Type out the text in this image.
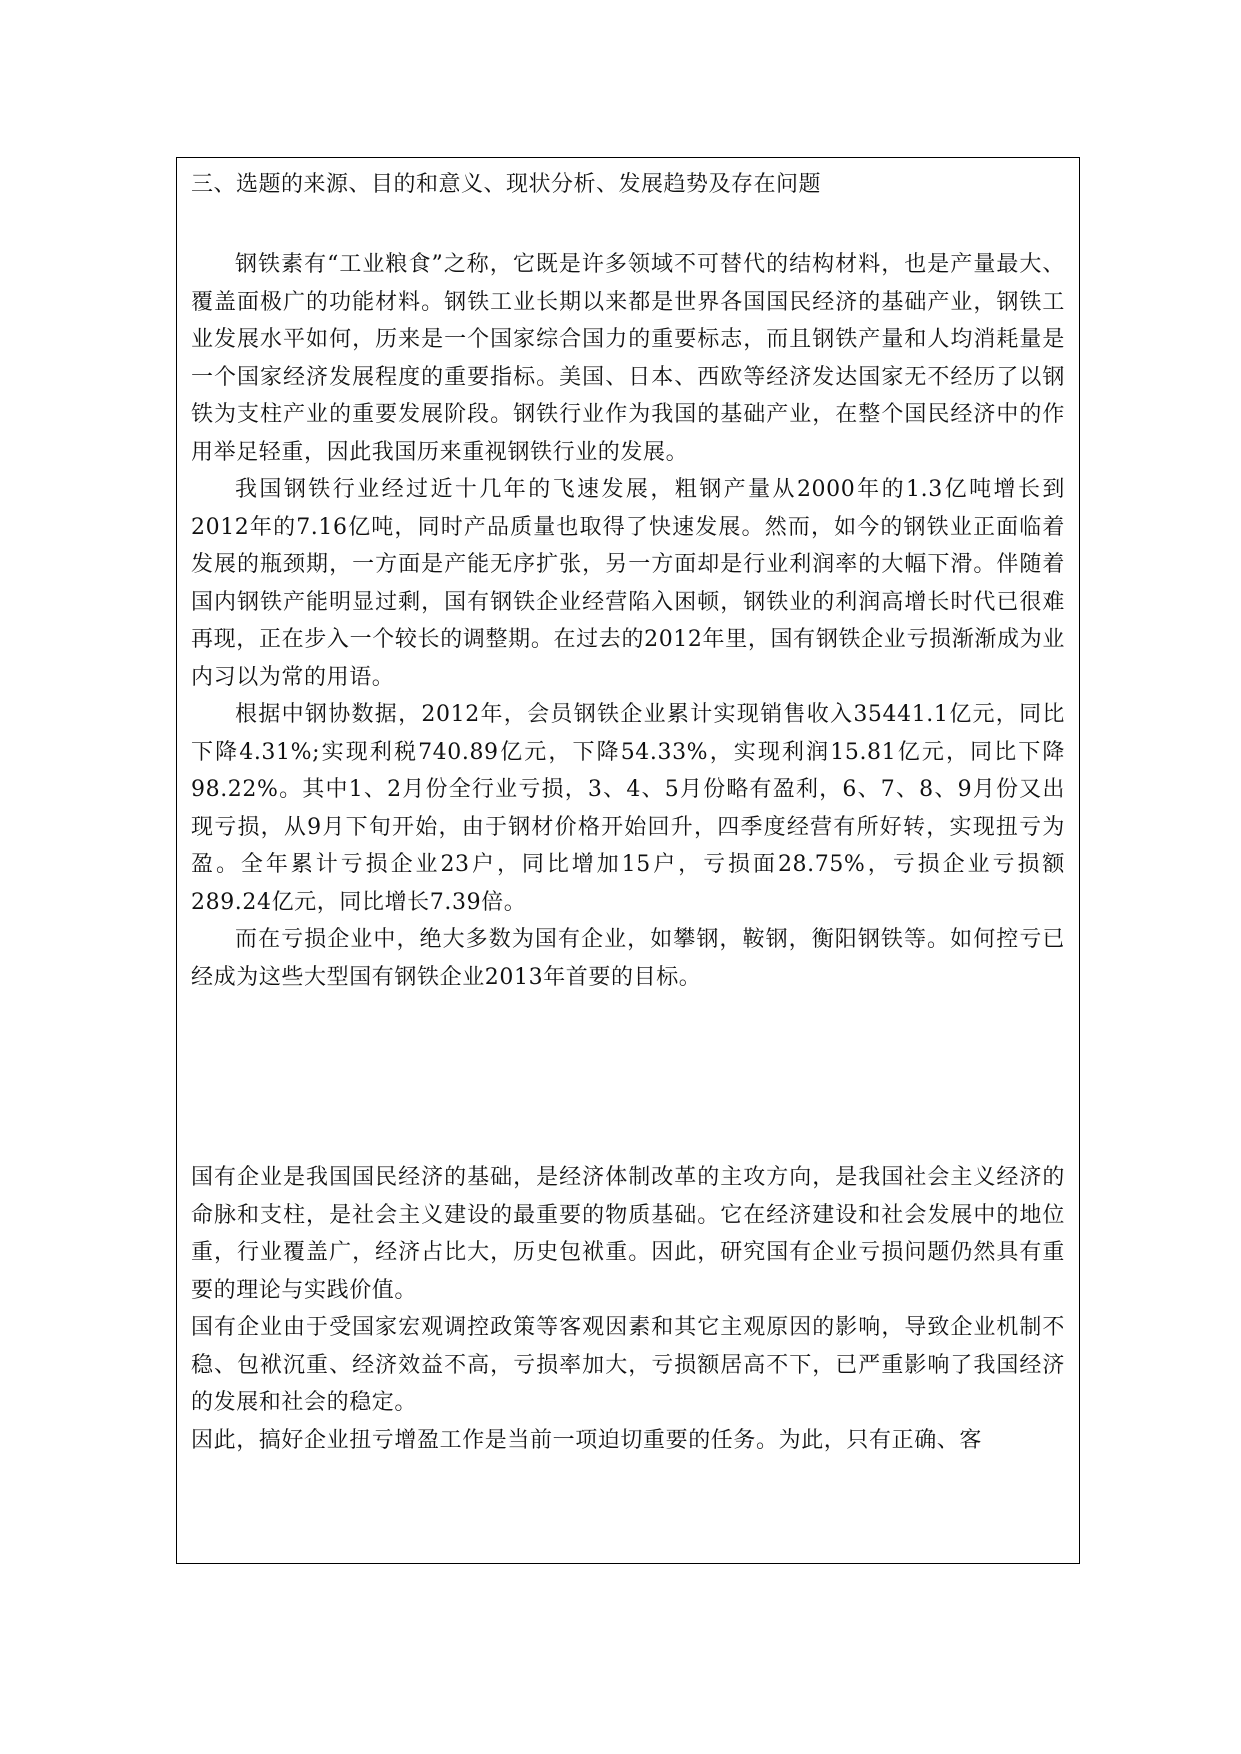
三、选题的来源、目的和意义、现状分析、发展趋势及存在问题

钢铁素有“工业粮食”之称，它既是许多领域不可替代的结构材料，也是产量最大、覆盖面极广的功能材料。钢铁工业长期以来都是世界各国国民经济的基础产业，钢铁工业发展水平如何，历来是一个国家综合国力的重要标志，而且钢铁产量和人均消耗量是一个国家经济发展程度的重要指标。美国、日本、西欧等经济发达国家无不经历了以钢铁为支柱产业的重要发展阶段。钢铁行业作为我国的基础产业，在整个国民经济中的作用举足轻重，因此我国历来重视钢铁行业的发展。

我国钢铁行业经过近十几年的飞速发展，粗钢产量从2000年的1.3亿吨增长到2012年的7.16亿吨，同时产品质量也取得了快速发展。然而，如今的钢铁业正面临着发展的瓶颈期，一方面是产能无序扩张，另一方面却是行业利润率的大幅下滑。伴随着国内钢铁产能明显过剩，国有钢铁企业经营陷入困顿，钢铁业的利润高增长时代已很难再现，正在步入一个较长的调整期。在过去的2012年里，国有钢铁企业亏损渐渐成为业内习以为常的用语。

根据中钢协数据，2012年，会员钢铁企业累计实现销售收入35441.1亿元，同比下降4.31%;实现利税740.89亿元，下降54.33%，实现利润15.81亿元，同比下降98.22%。其中1、2月份全行业亏损，3、4、5月份略有盈利，6、7、8、9月份又出现亏损，从9月下旬开始，由于钢材价格开始回升，四季度经营有所好转，实现扭亏为盈。全年累计亏损企业23户，同比增加15户，亏损面28.75%，亏损企业亏损额289.24亿元，同比增长7.39倍。

而在亏损企业中，绝大多数为国有企业，如攀钢，鞍钢，衡阳钢铁等。如何控亏已经成为这些大型国有钢铁企业2013年首要的目标。

国有企业是我国国民经济的基础，是经济体制改革的主攻方向，是我国社会主义经济的命脉和支柱，是社会主义建设的最重要的物质基础。它在经济建设和社会发展中的地位重，行业覆盖广，经济占比大，历史包袱重。因此，研究国有企业亏损问题仍然具有重要的理论与实践价值。

国有企业由于受国家宏观调控政策等客观因素和其它主观原因的影响，导致企业机制不稳、包袱沉重、经济效益不高，亏损率加大，亏损额居高不下，已严重影响了我国经济的发展和社会的稳定。

因此，搞好企业扭亏增盈工作是当前一项迫切重要的任务。为此，只有正确、客
